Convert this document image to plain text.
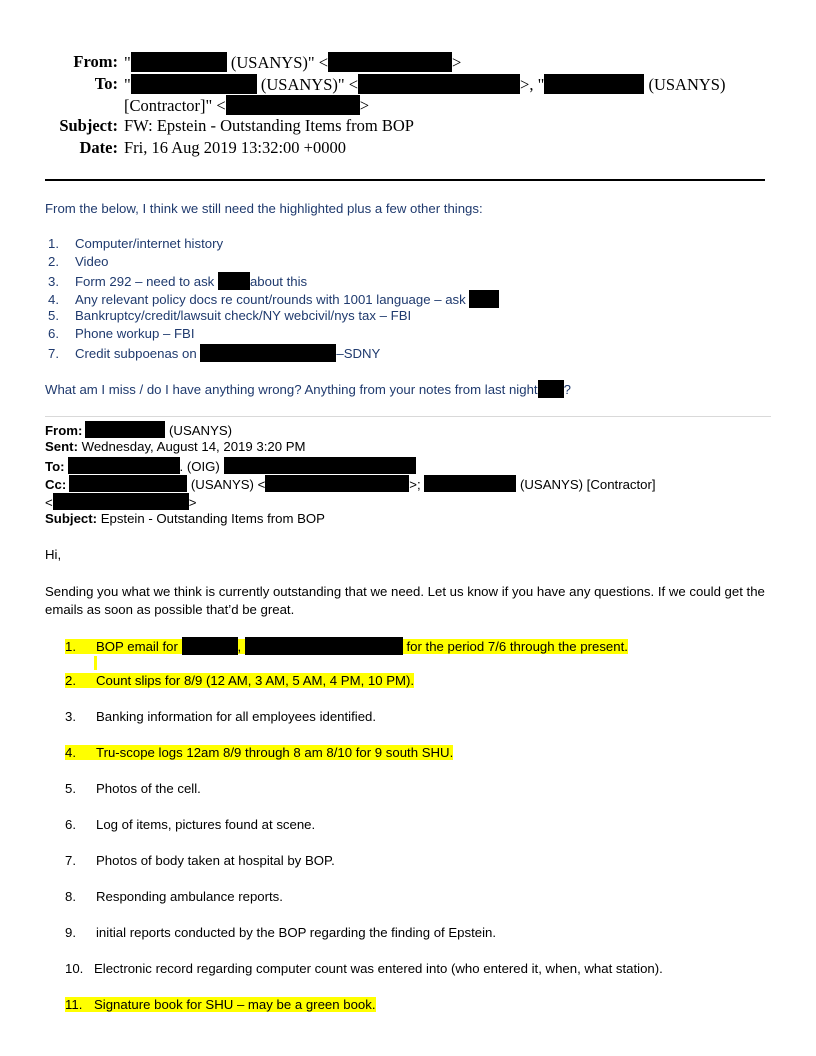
From: "	(USANYS)" <	>
To: "	(USANYS)" <	>, "	(USANYS)
[Contractor]" <	>
Subject: FW: Epstein - Outstanding Items from BOP
Date: Fri, 16 Aug 2019 13:32:00 +0000
From the below, I think we still need the highlighted plus a few other things:
1. Computer/internet history
2. Video
3. Form 292 – need to ask about this
4. Any relevant policy docs re count/rounds with 1001 language – ask
5. Bankruptcy/credit/lawsuit check/NY webcivil/nys tax – FBI
6. Phone workup – FBI
7. Credit subpoenas on	–SDNY
What am I miss / do I have anything wrong? Anything from your notes from last night ?
From:	(USANYS)
Sent: Wednesday, August 14, 2019 3:20 PM
To:	. (OIG)
Cc:	(USANYS) <	>;	(USANYS) [Contractor]
<	>
Subject: Epstein - Outstanding Items from BOP
Hi,
Sending you what we think is currently outstanding that we need. Let us know if you have any questions. If we could get the emails as soon as possible that’d be great.
1. BOP email for	,	for the period 7/6 through the present.
2. Count slips for 8/9 (12 AM, 3 AM, 5 AM, 4 PM, 10 PM).
3. Banking information for all employees identified.
4. Tru-scope logs 12am 8/9 through 8 am 8/10 for 9 south SHU.
5. Photos of the cell.
6. Log of items, pictures found at scene.
7. Photos of body taken at hospital by BOP.
8. Responding ambulance reports.
9. initial reports conducted by the BOP regarding the finding of Epstein.
10. Electronic record regarding computer count was entered into (who entered it, when, what station).
11. Signature book for SHU – may be a green book.
